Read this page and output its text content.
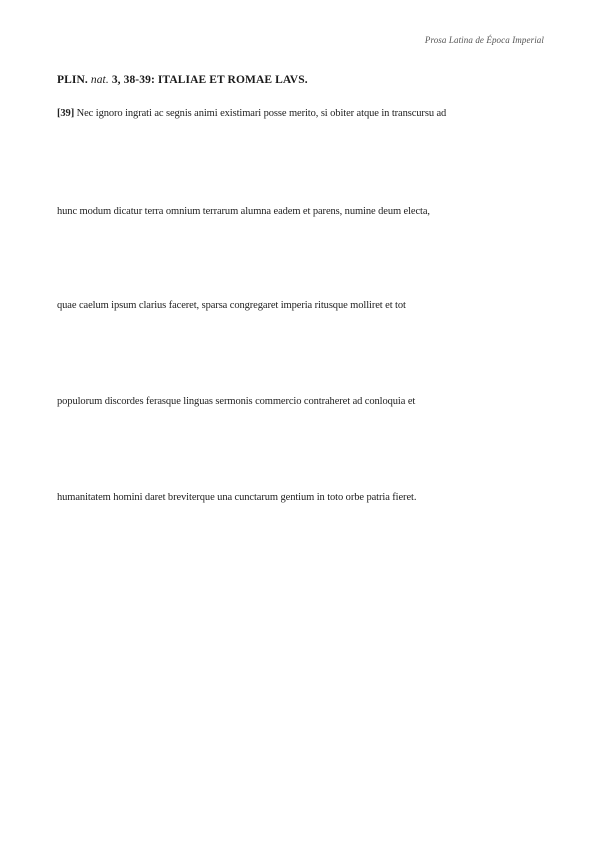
Prosa Latina de Época Imperial
PLIN. nat. 3, 38-39: ITALIAE ET ROMAE LAVS.
[39] Nec ignoro ingrati ac segnis animi existimari posse merito, si obiter atque in transcursu ad
hunc modum dicatur terra omnium terrarum alumna eadem et parens, numine deum electa,
quae caelum ipsum clarius faceret, sparsa congregaret imperia ritusque molliret et tot
populorum discordes ferasque linguas sermonis commercio contraheret ad conloquia et
humanitatem homini daret breviterque una cunctarum gentium in toto orbe patria fieret.
